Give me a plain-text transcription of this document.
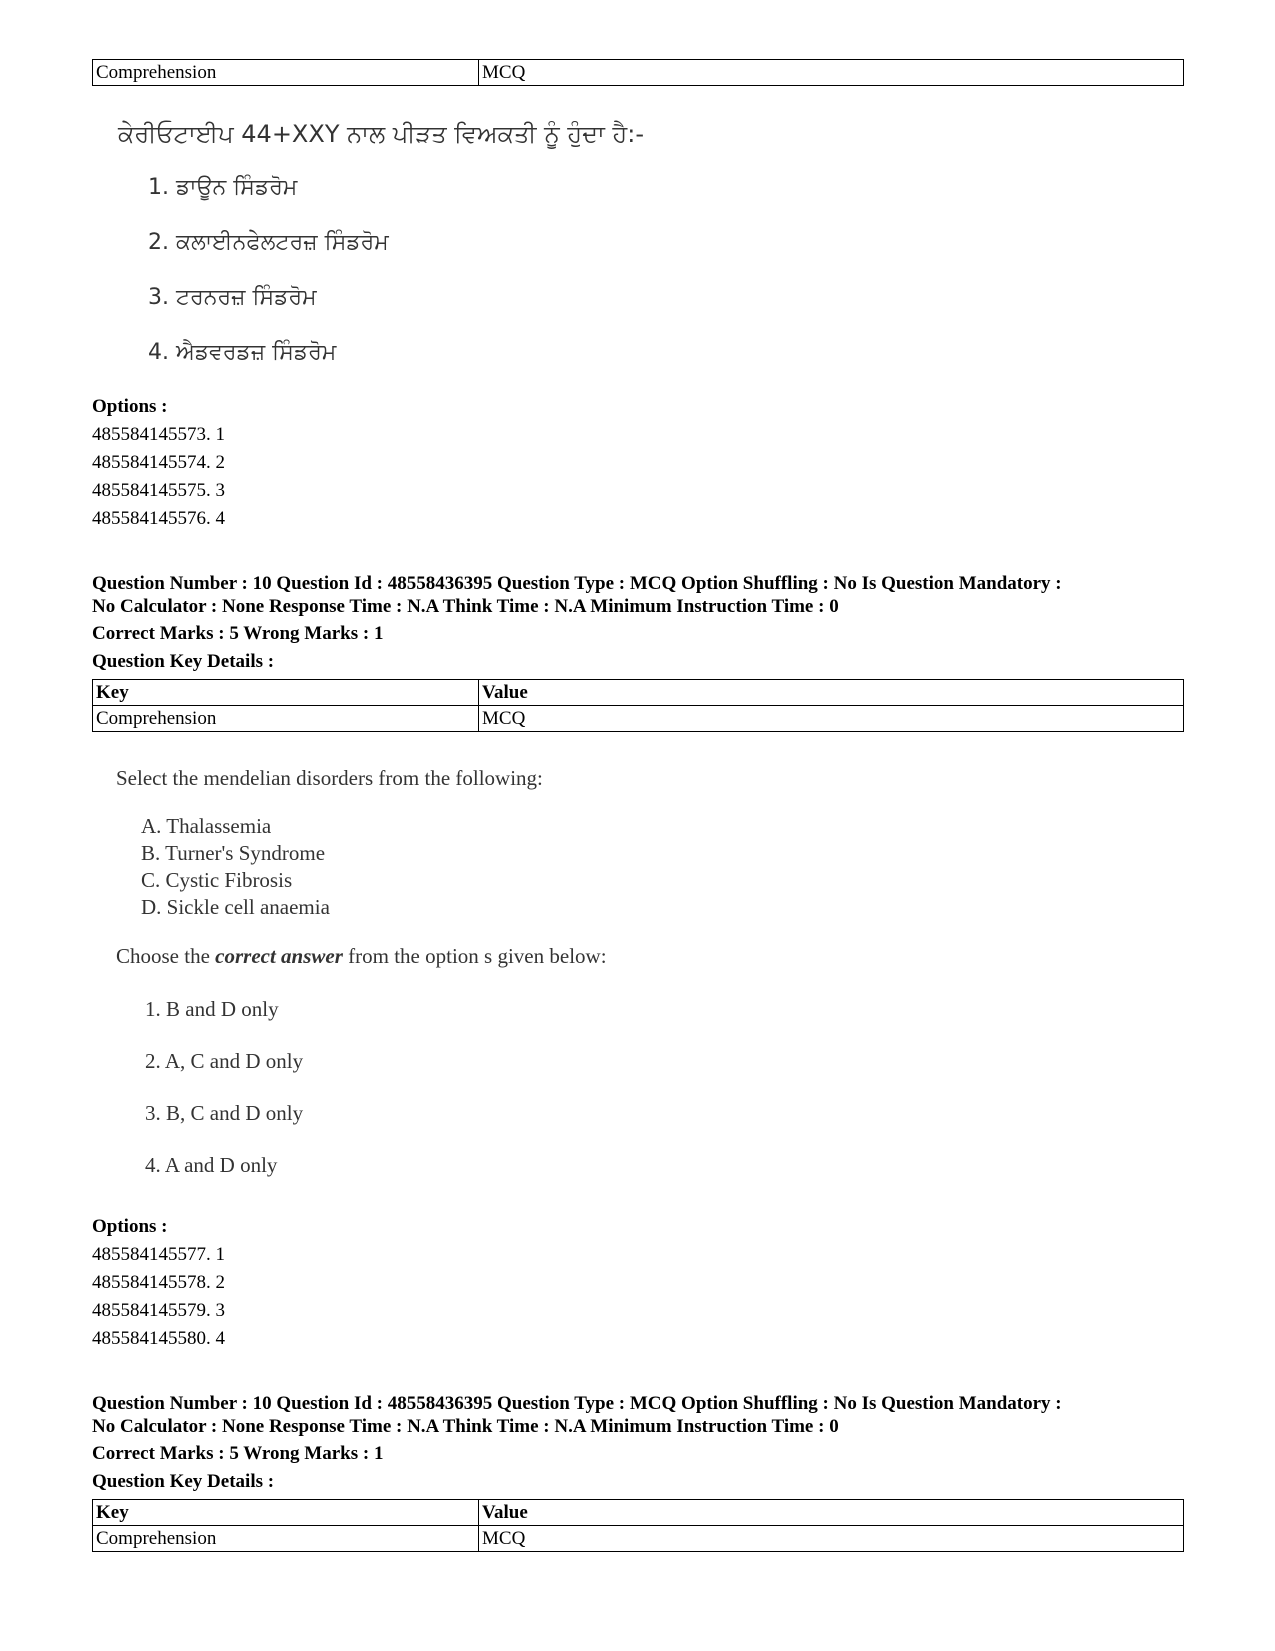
Comprehension	MCQ
ਕੇਰੀਓਟਾਈਪ 44+XXY ਨਾਲ ਪੀੜਤ ਵਿਅਕਤੀ ਨੂੰ ਹੁੰਦਾ ਹੈ:-
1. ਡਾਊਨ ਸਿੰਡਰੋਮ
2. ਕਲਾਈਨਫੇਲਟਰਜ਼ ਸਿੰਡਰੋਮ
3. ਟਰਨਰਜ਼ ਸਿੰਡਰੋਮ
4. ਐਡਵਰਡਜ਼ ਸਿੰਡਰੋਮ
Options :
485584145573. 1
485584145574. 2
485584145575. 3
485584145576. 4
Question Number : 10 Question Id : 48558436395 Question Type : MCQ Option Shuffling : No Is Question Mandatory :
No Calculator : None Response Time : N.A Think Time : N.A Minimum Instruction Time : 0
Correct Marks : 5 Wrong Marks : 1
Question Key Details :
Key	Value
Comprehension	MCQ
Select the mendelian disorders from the following:
A. Thalassemia
B. Turner's Syndrome
C. Cystic Fibrosis
D. Sickle cell anaemia
Choose the correct answer from the option s given below:
1. B and D only
2. A, C and D only
3. B, C and D only
4. A and D only
Options :
485584145577. 1
485584145578. 2
485584145579. 3
485584145580. 4
Question Number : 10 Question Id : 48558436395 Question Type : MCQ Option Shuffling : No Is Question Mandatory :
No Calculator : None Response Time : N.A Think Time : N.A Minimum Instruction Time : 0
Correct Marks : 5 Wrong Marks : 1
Question Key Details :
Key	Value
Comprehension	MCQ
